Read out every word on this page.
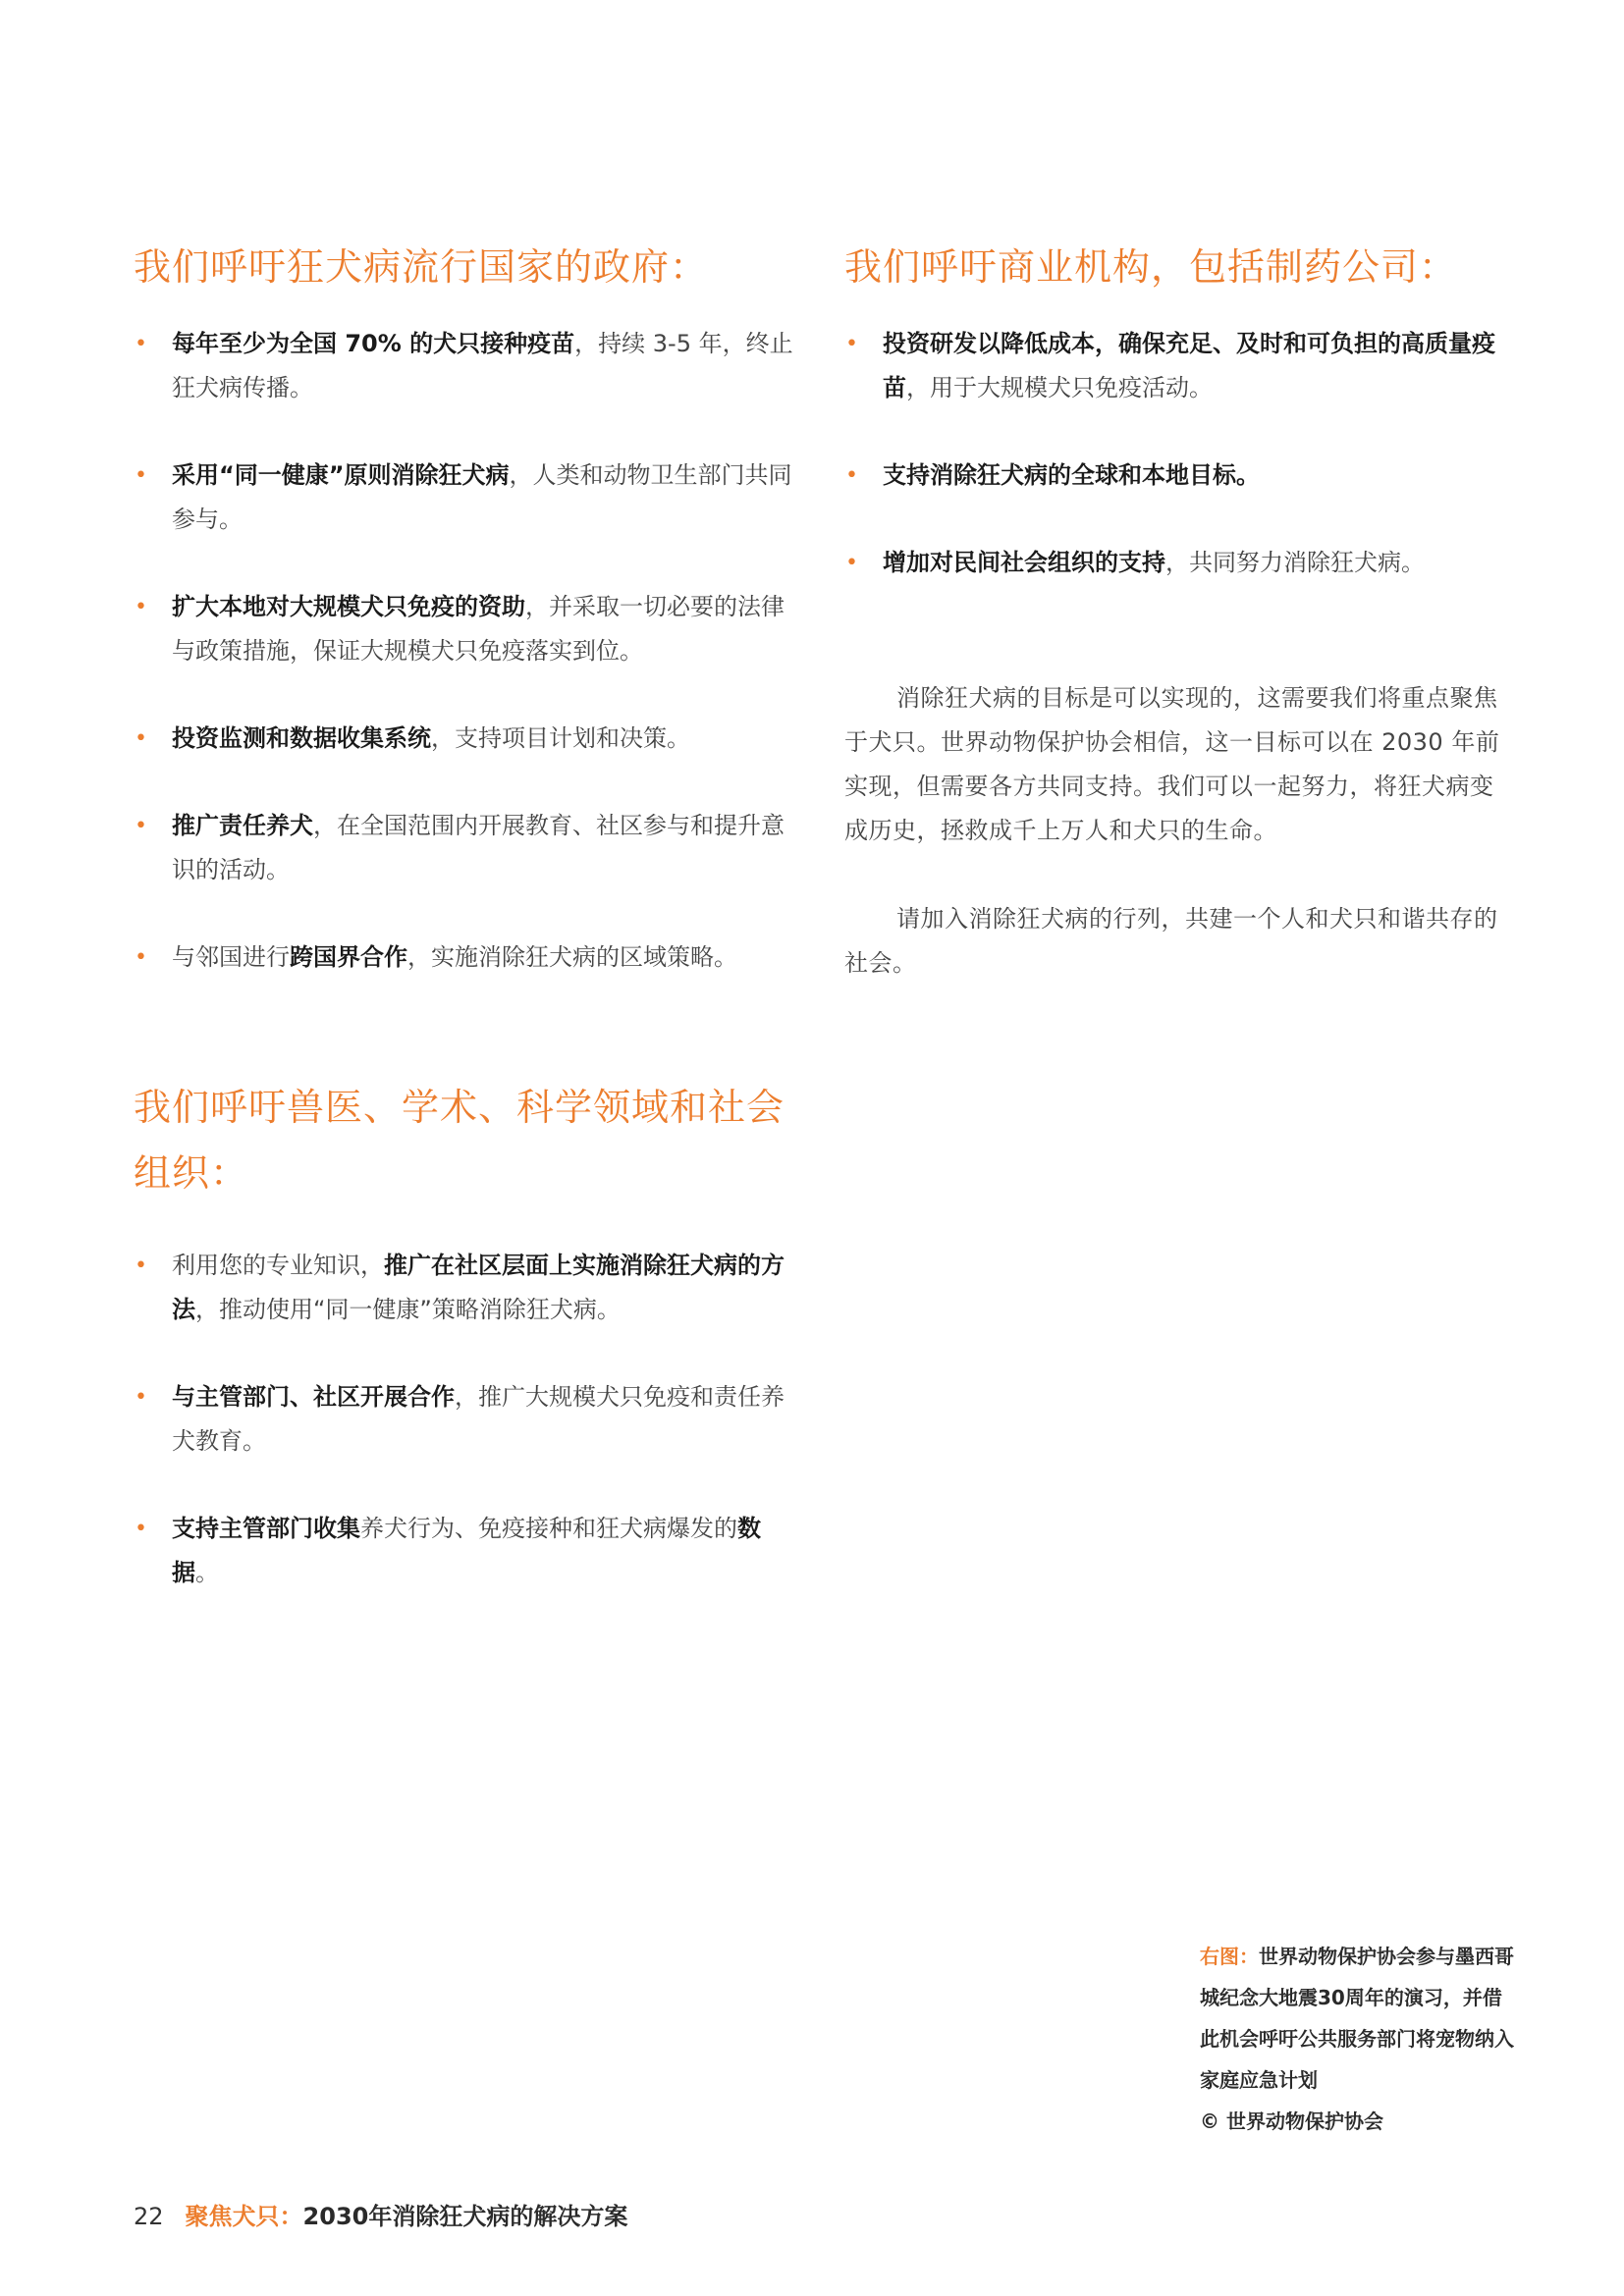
我们呼吁狂犬病流行国家的政府：
• 每年至少为全国 70% 的犬只接种疫苗，持续 3-5 年，终止狂犬病传播。
• 采用“同一健康”原则消除狂犬病，人类和动物卫生部门共同参与。
• 扩大本地对大规模犬只免疫的资助，并采取一切必要的法律与政策措施，保证大规模犬只免疫落实到位。
• 投资监测和数据收集系统，支持项目计划和决策。
• 推广责任养犬，在全国范围内开展教育、社区参与和提升意识的活动。
• 与邻国进行跨国界合作，实施消除狂犬病的区域策略。
我们呼吁兽医、学术、科学领域和社会组织：
• 利用您的专业知识，推广在社区层面上实施消除狂犬病的方法，推动使用“同一健康”策略消除狂犬病。
• 与主管部门、社区开展合作，推广大规模犬只免疫和责任养犬教育。
• 支持主管部门收集养犬行为、免疫接种和狂犬病爆发的数据。
我们呼吁商业机构，包括制药公司：
• 投资研发以降低成本，确保充足、及时和可负担的高质量疫苗，用于大规模犬只免疫活动。
• 支持消除狂犬病的全球和本地目标。
• 增加对民间社会组织的支持，共同努力消除狂犬病。

消除狂犬病的目标是可以实现的，这需要我们将重点聚焦于犬只。世界动物保护协会相信，这一目标可以在 2030 年前实现，但需要各方共同支持。我们可以一起努力，将狂犬病变成历史，拯救成千上万人和犬只的生命。

请加入消除狂犬病的行列，共建一个人和犬只和谐共存的社会。

右图：世界动物保护协会参与墨西哥城纪念大地震30周年的演习，并借此机会呼吁公共服务部门将宠物纳入家庭应急计划
© 世界动物保护协会
22 聚焦犬只：2030年消除狂犬病的解决方案
